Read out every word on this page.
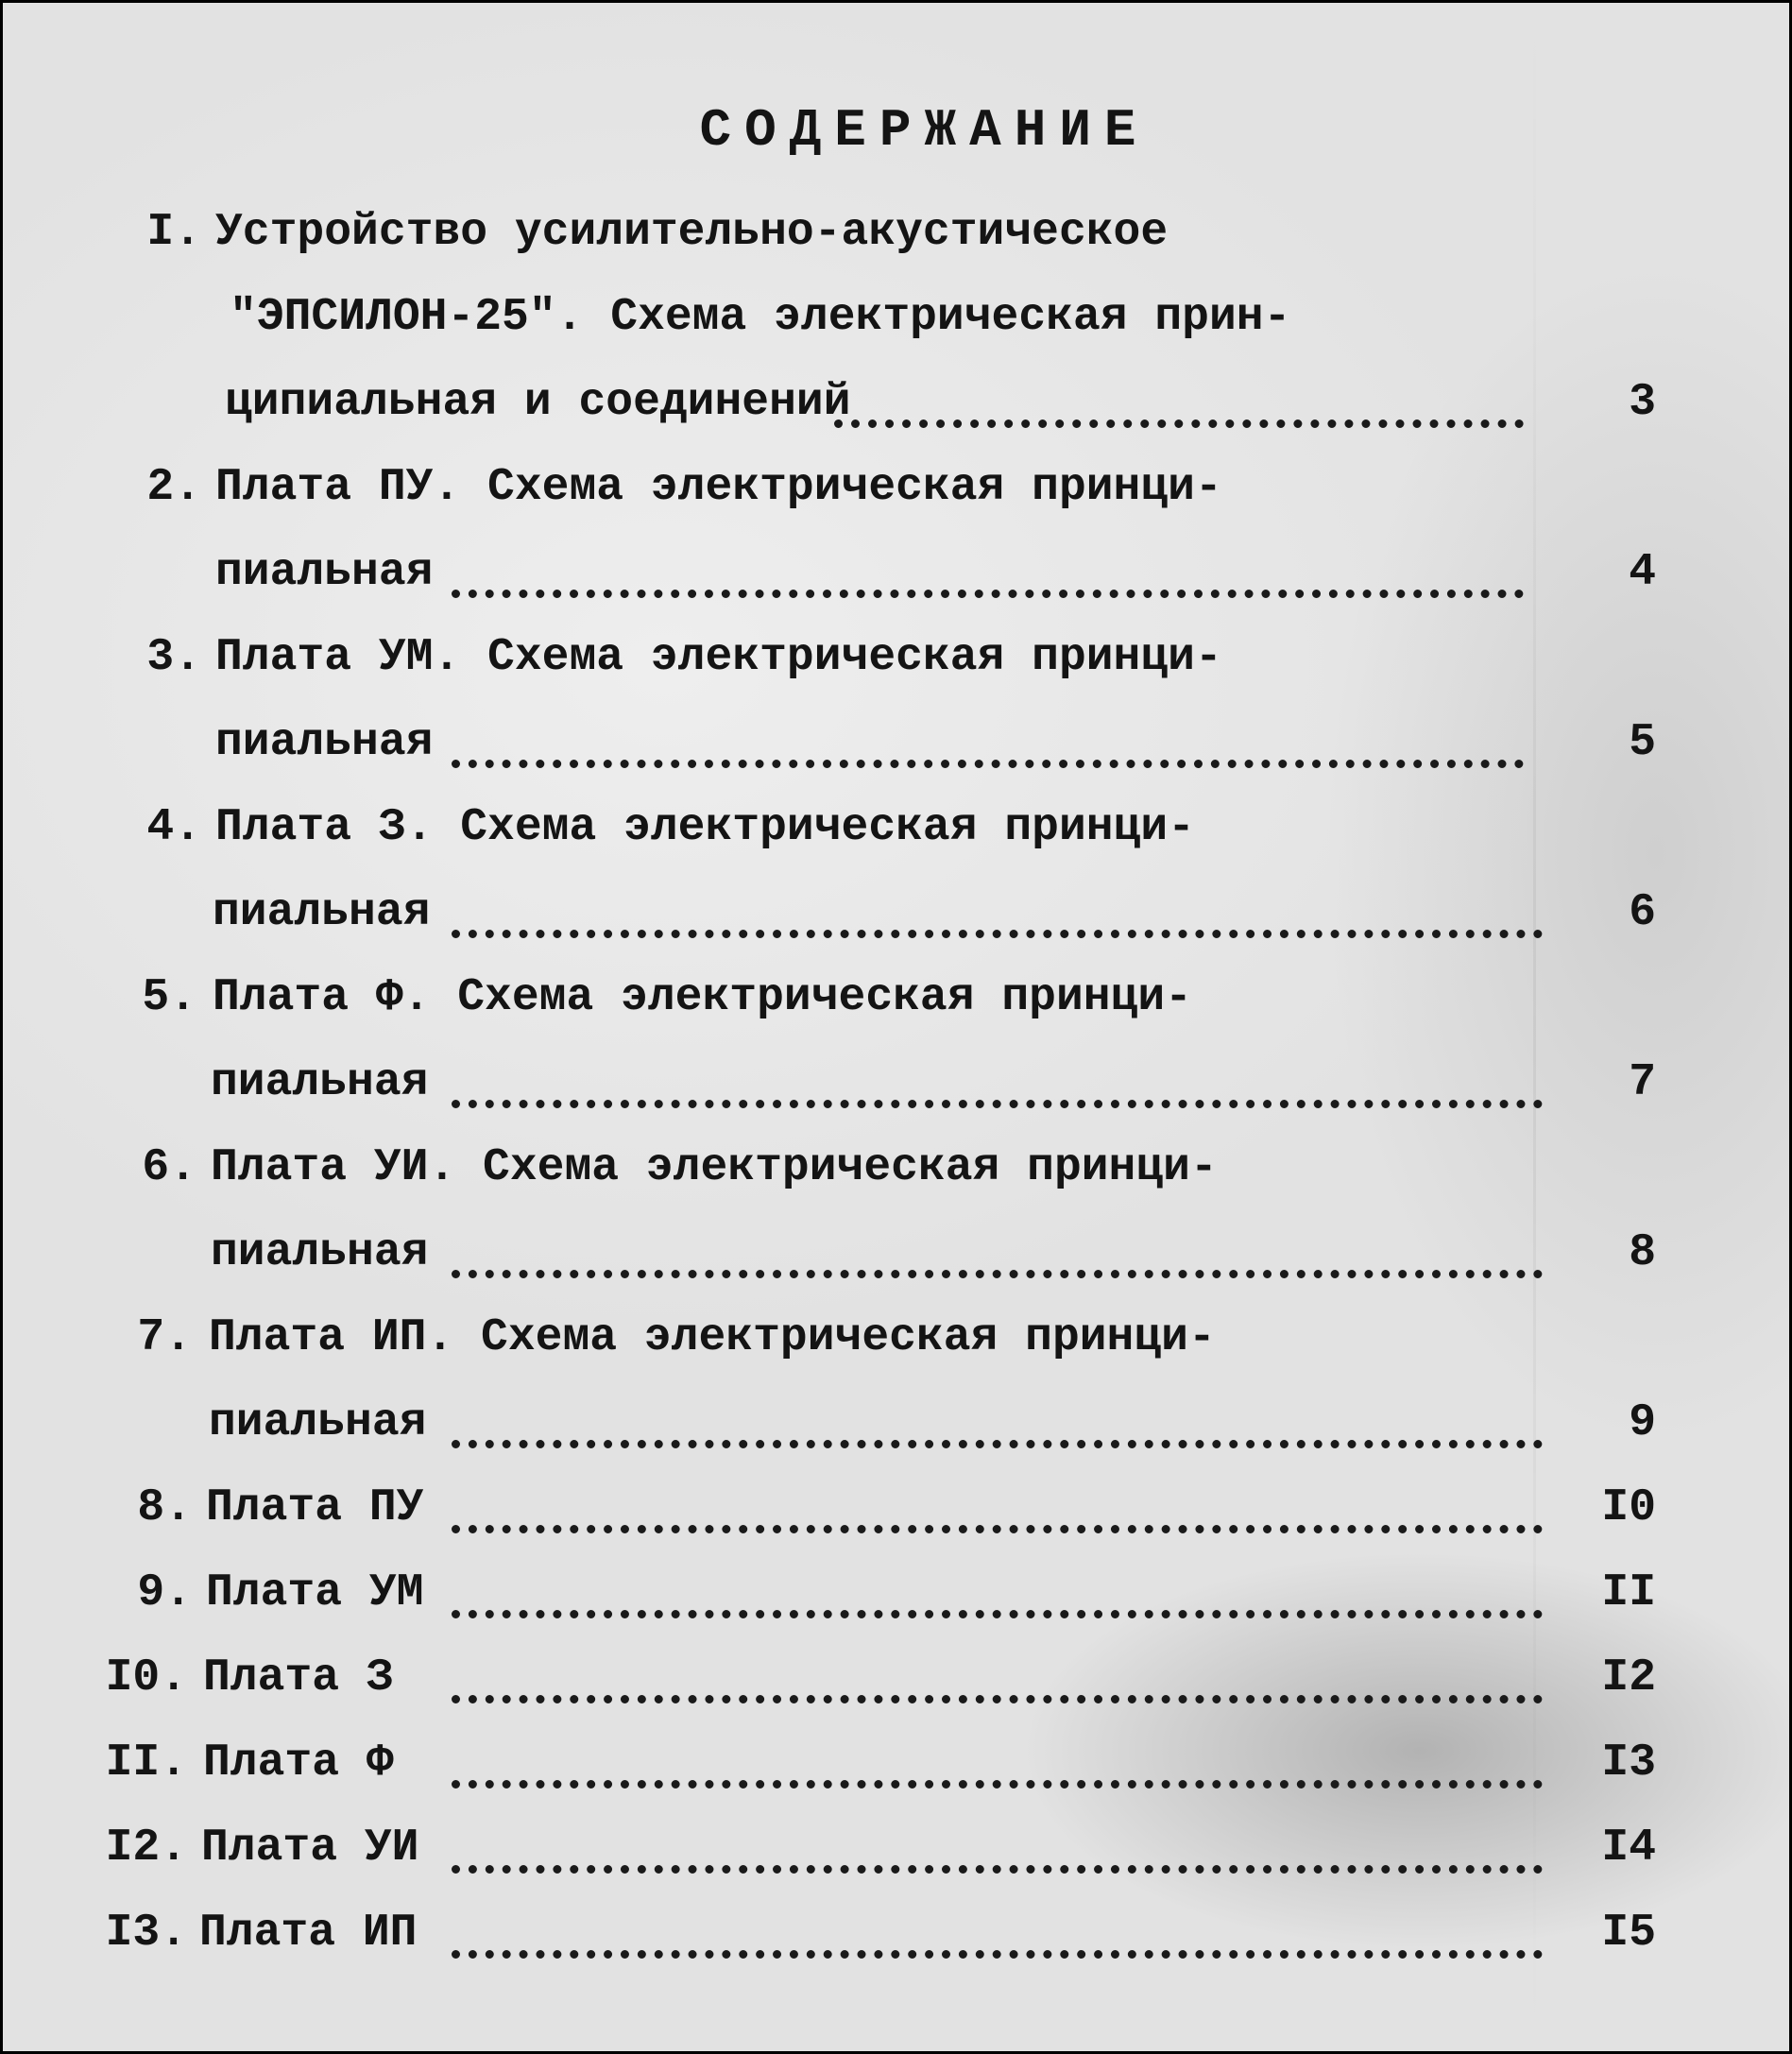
СОДЕРЖАНИЕ
I. Устройство усилительно-акустическое
"ЭПСИЛОН-25". Схема электрическая прин-
ципиальная и соединений	3
2. Плата ПУ. Схема электрическая принци-
пиальная	4
3. Плата УМ. Схема электрическая принци-
пиальная	5
4. Плата З. Схема электрическая принци-
пиальная	6
5. Плата Ф. Схема электрическая принци-
пиальная	7
6. Плата УИ. Схема электрическая принци-
пиальная	8
7. Плата ИП. Схема электрическая принци-
пиальная	9
8. Плата ПУ	I0
9. Плата УМ	II
I0. Плата З	I2
II. Плата Ф	I3
I2. Плата УИ	I4
I3. Плата ИП	I5
